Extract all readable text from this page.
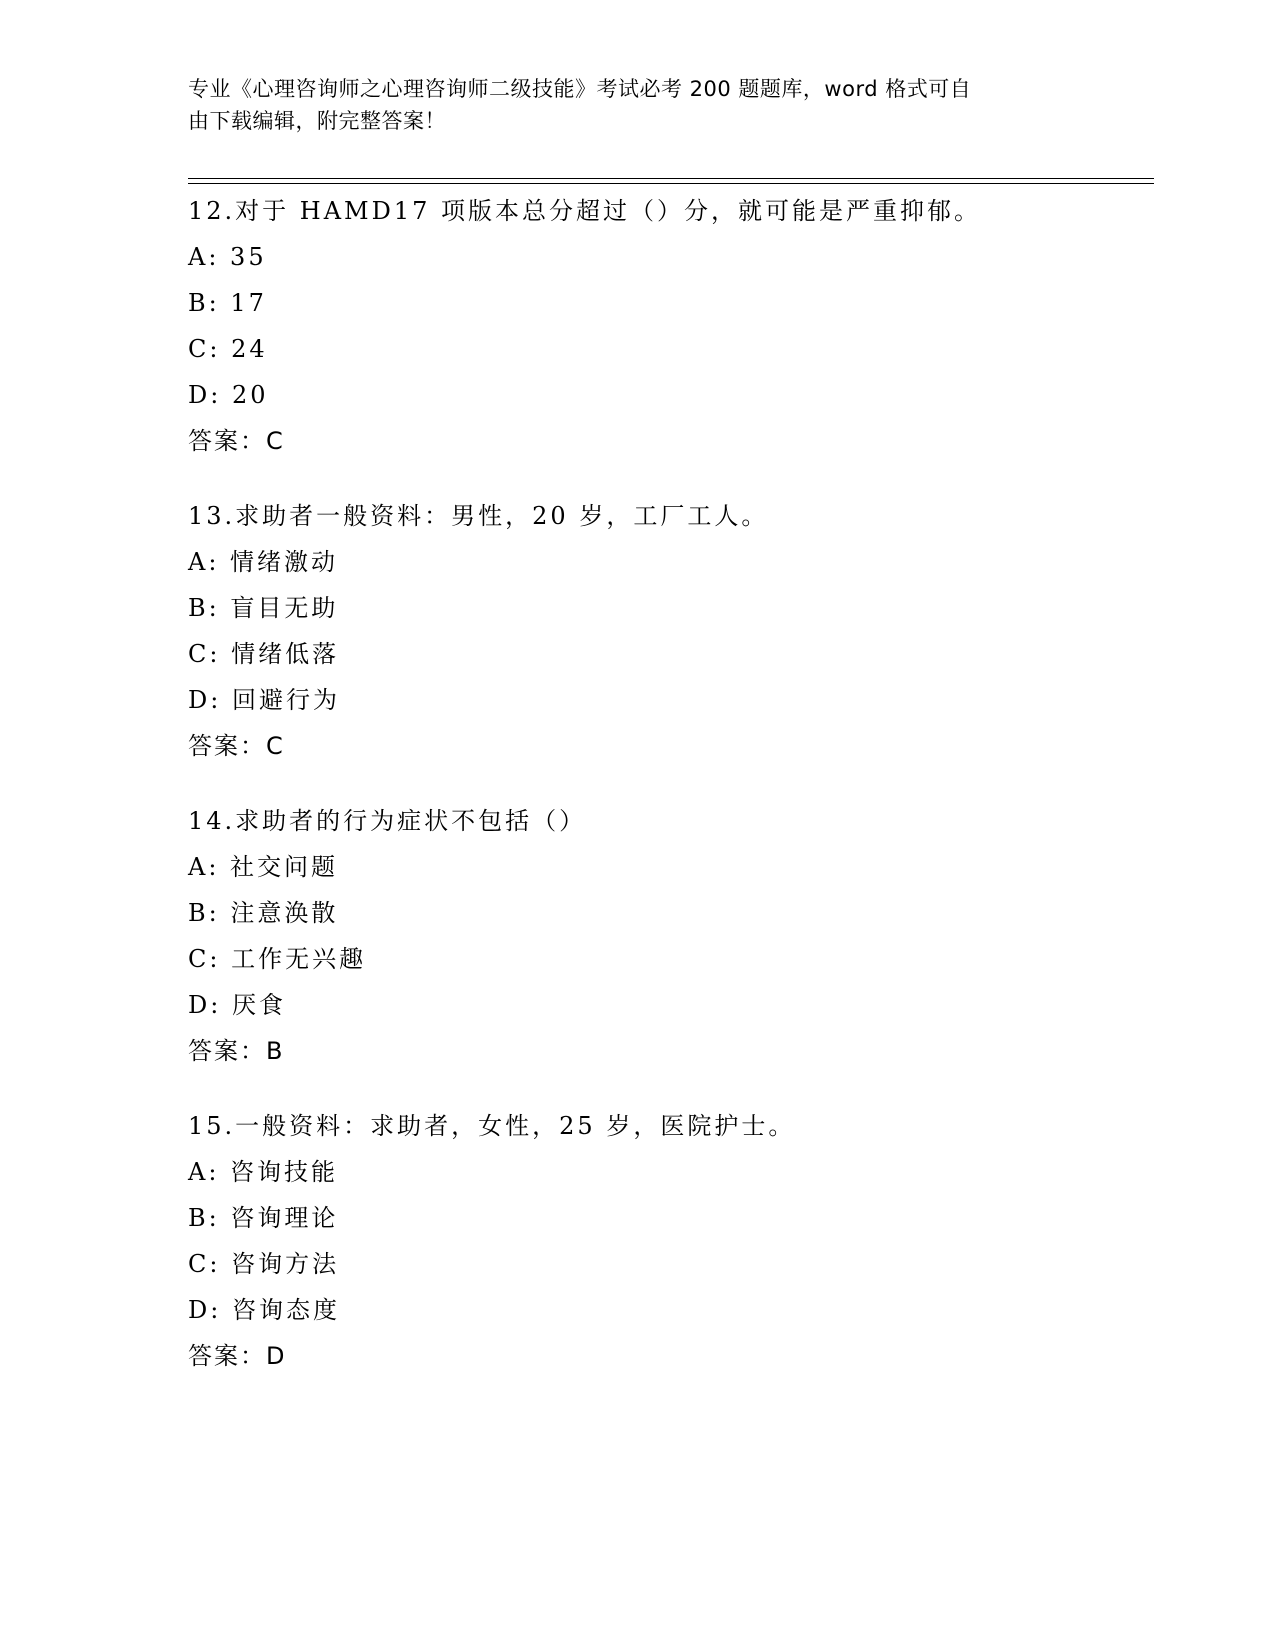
专业《心理咨询师之心理咨询师二级技能》考试必考 200 题题库，word 格式可自
由下载编辑，附完整答案！
12.对于 HAMD17 项版本总分超过（）分，就可能是严重抑郁。
A: 35
B: 17
C: 24
D: 20
答案：C
13.求助者一般资料：男性，20 岁，工厂工人。
A: 情绪激动
B: 盲目无助
C: 情绪低落
D: 回避行为
答案：C
14.求助者的行为症状不包括（）
A: 社交问题
B: 注意涣散
C: 工作无兴趣
D: 厌食
答案：B
15.一般资料：求助者，女性，25 岁，医院护士。
A: 咨询技能
B: 咨询理论
C: 咨询方法
D: 咨询态度
答案：D
